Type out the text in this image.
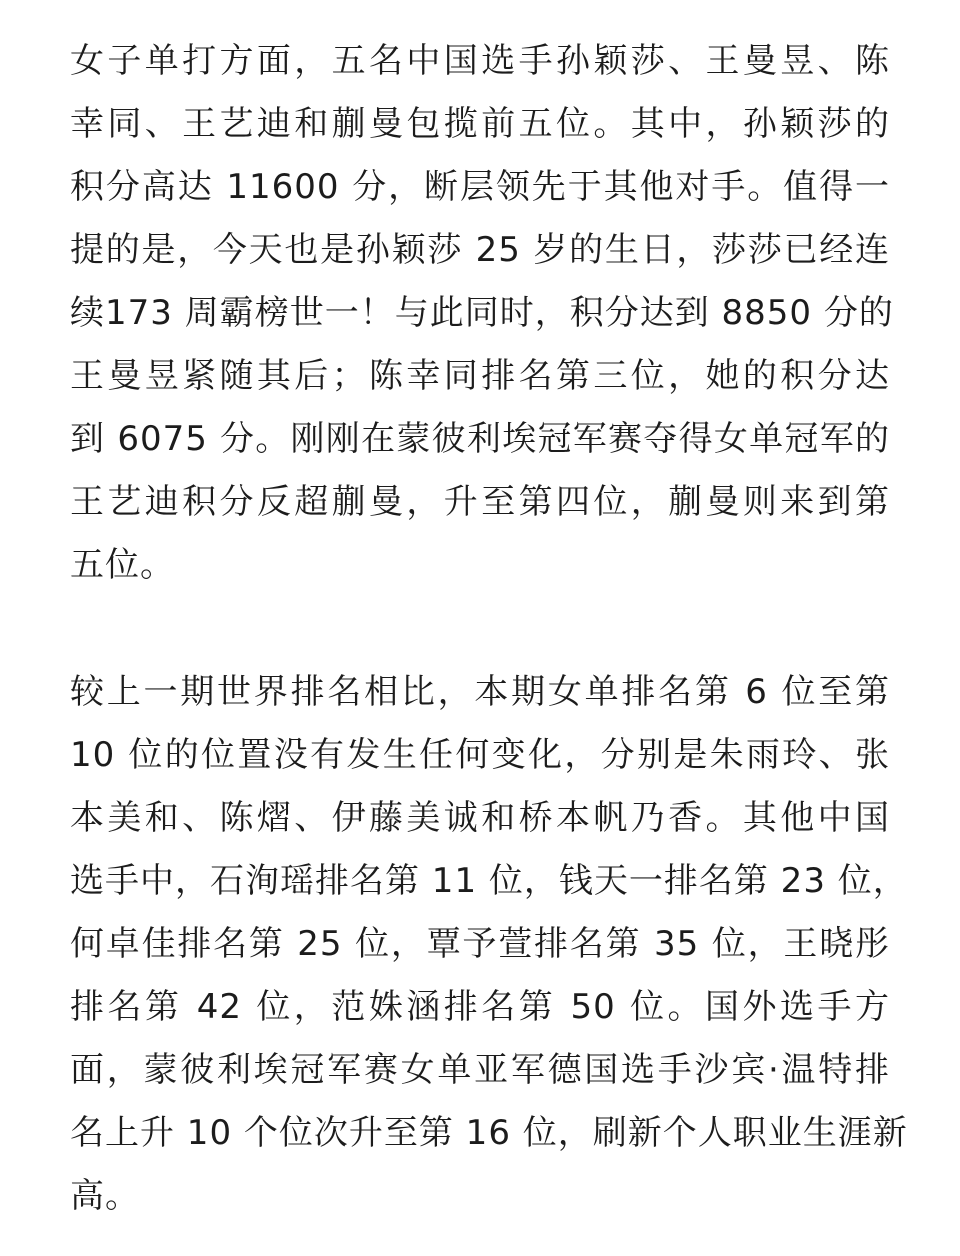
女子单打方面，五名中国选手孙颖莎、王曼昱、陈
幸同、王艺迪和蒯曼包揽前五位。其中，孙颖莎的
积分高达 11600 分，断层领先于其他对手。值得一
提的是，今天也是孙颖莎 25 岁的生日，莎莎已经连
续173 周霸榜世一！与此同时，积分达到 8850 分的
王曼昱紧随其后；陈幸同排名第三位，她的积分达
到 6075 分。刚刚在蒙彼利埃冠军赛夺得女单冠军的
王艺迪积分反超蒯曼，升至第四位，蒯曼则来到第
五位。
较上一期世界排名相比，本期女单排名第 6 位至第
10 位的位置没有发生任何变化，分别是朱雨玲、张
本美和、陈熠、伊藤美诚和桥本帆乃香。其他中国
选手中，石洵瑶排名第 11 位，钱天一排名第 23 位，
何卓佳排名第 25 位，覃予萱排名第 35 位，王晓彤
排名第 42 位，范姝涵排名第 50 位。国外选手方
面，蒙彼利埃冠军赛女单亚军德国选手沙宾·温特排
名上升 10 个位次升至第 16 位，刷新个人职业生涯新
高。
